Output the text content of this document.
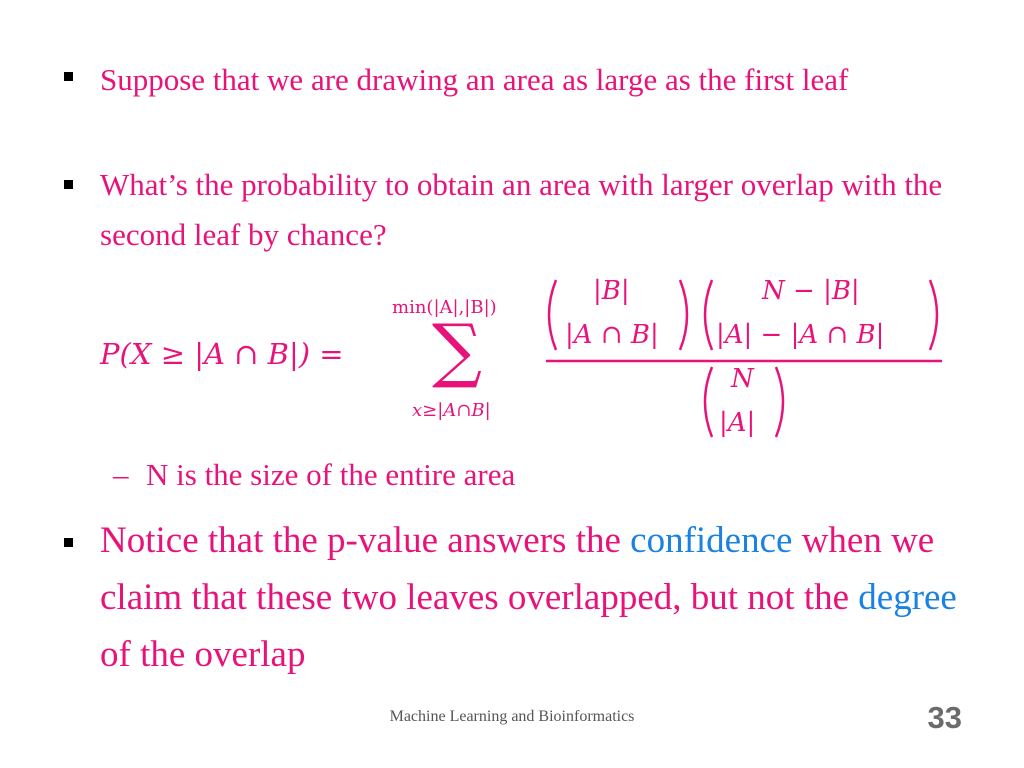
Suppose that we are drawing an area as large as the first leaf
What’s the probability to obtain an area with larger overlap with the second leaf by chance?
P(X ≥ |A ∩ B|) =
min(|A|,|B|)
∑
x≥|A∩B|
|B|
|A ∩ B|
N − |B|
|A| − |A ∩ B|
N
|A|
– N is the size of the entire area
Notice that the p-value answers the confidence when we claim that these two leaves overlapped, but not the degree of the overlap
Machine Learning and Bioinformatics	33
